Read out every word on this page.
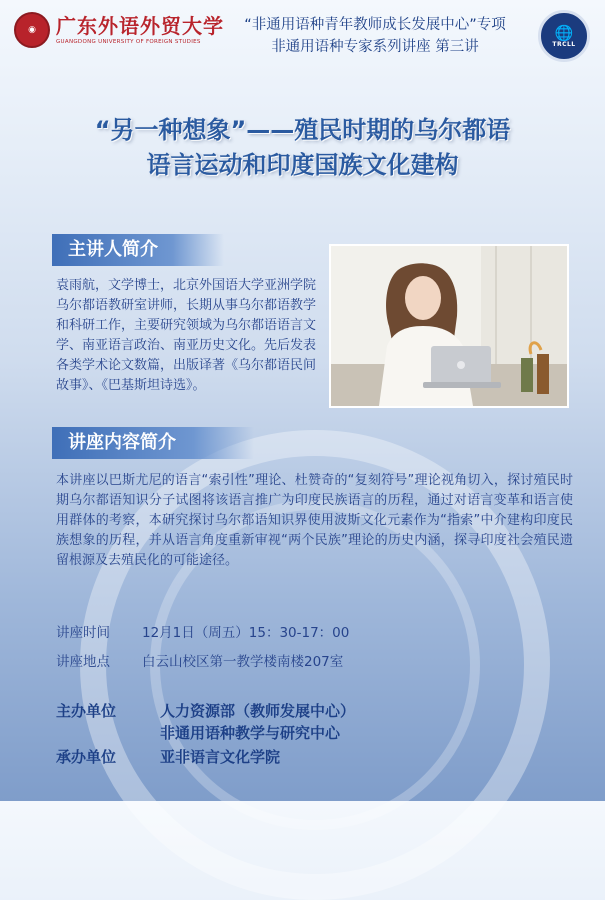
◉	广东外语外贸大学
GUANGDONG UNIVERSITY OF FOREIGN STUDIES
“非通用语种青年教师成长发展中心”专项
非通用语种专家系列讲座 第三讲
🌐
TRCLL
“另一种想象”——殖民时期的乌尔都语
语言运动和印度国族文化建构
主讲人简介
袁雨航，文学博士，北京外国语大学亚洲学院乌尔都语教研室讲师，长期从事乌尔都语教学和科研工作，主要研究领域为乌尔都语语言文学、南亚语言政治、南亚历史文化。先后发表各类学术论文数篇，出版译著《乌尔都语民间故事》、《巴基斯坦诗选》。
讲座内容简介
本讲座以巴斯尤尼的语言“索引性”理论、杜赞奇的“复刻符号”理论视角切入，探讨殖民时期乌尔都语知识分子试图将该语言推广为印度民族语言的历程，通过对语言变革和语言使用群体的考察，本研究探讨乌尔都语知识界使用波斯文化元素作为“指索”中介建构印度民族想象的历程，并从语言角度重新审视“两个民族”理论的历史内涵，探寻印度社会殖民遗留根源及去殖民化的可能途径。
讲座时间 12月1日（周五）15：30-17：00
讲座地点 白云山校区第一教学楼南楼207室
主办单位	人力资源部（教师发展中心）
非通用语种教学与研究中心
承办单位	亚非语言文化学院
